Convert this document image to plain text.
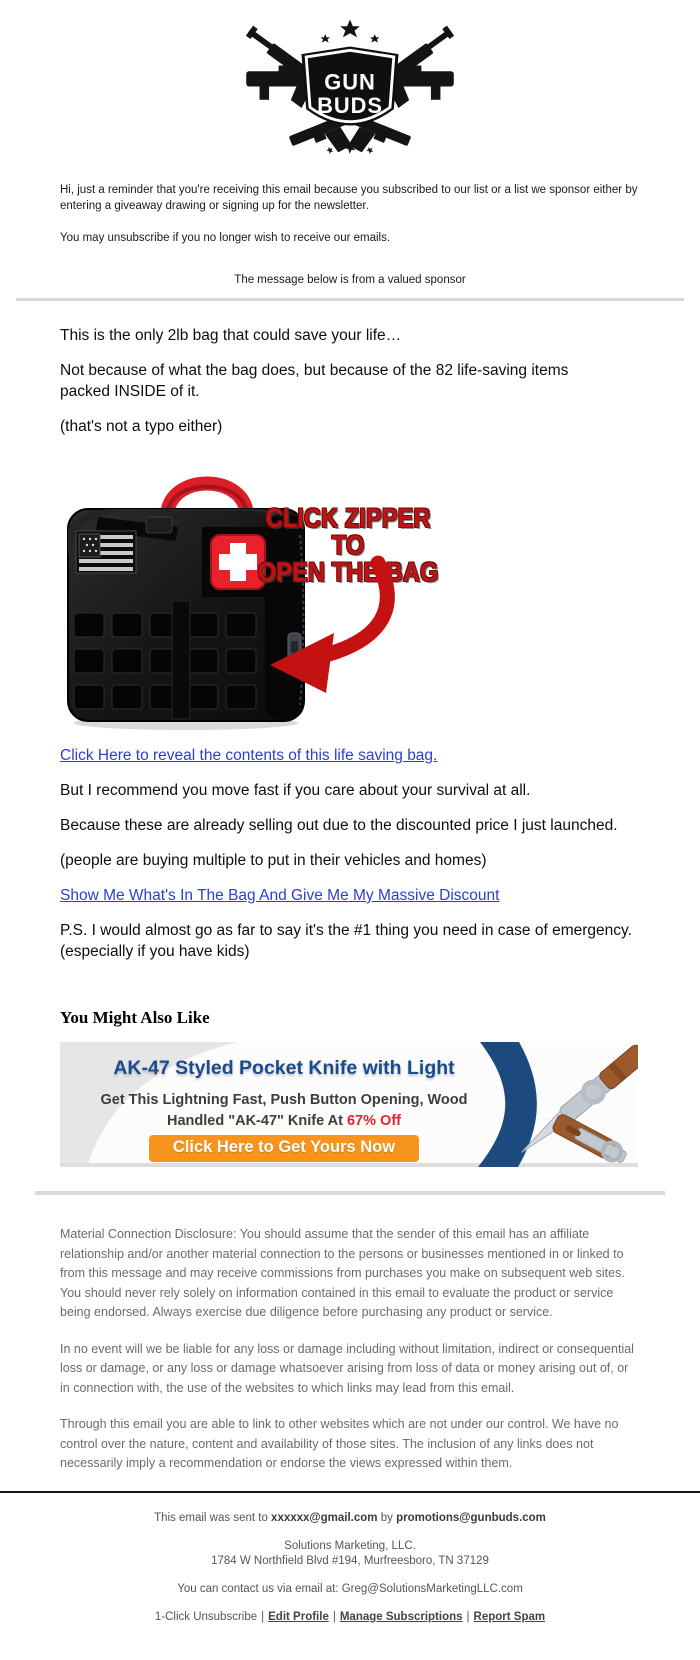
GUN
BUDS

Hi, just a reminder that you're receiving this email because you subscribed to our list or a list we sponsor either by entering a giveaway drawing or signing up for the newsletter.

You may unsubscribe if you no longer wish to receive our emails.

The message below is from a valued sponsor

This is the only 2lb bag that could save your life…

Not because of what the bag does, but because of the 82 life-saving items packed INSIDE of it.

(that's not a typo either)

CLICK ZIPPER TO
OPEN THE BAG

Click Here to reveal the contents of this life saving bag.

But I recommend you move fast if you care about your survival at all.

Because these are already selling out due to the discounted price I just launched.

(people are buying multiple to put in their vehicles and homes)

Show Me What's In The Bag And Give Me My Massive Discount

P.S. I would almost go as far to say it's the #1 thing you need in case of emergency. (especially if you have kids)

You Might Also Like
AK-47 Styled Pocket Knife with Light
Get This Lightning Fast, Push Button Opening, Wood Handled "AK-47" Knife At 67% Off
Click Here to Get Yours Now

Material Connection Disclosure: You should assume that the sender of this email has an affiliate relationship and/or another material connection to the persons or businesses mentioned in or linked to from this message and may receive commissions from purchases you make on subsequent web sites. You should never rely solely on information contained in this email to evaluate the product or service being endorsed. Always exercise due diligence before purchasing any product or service.

In no event will we be liable for any loss or damage including without limitation, indirect or consequential loss or damage, or any loss or damage whatsoever arising from loss of data or money arising out of, or in connection with, the use of the websites to which links may lead from this email.

Through this email you are able to link to other websites which are not under our control. We have no control over the nature, content and availability of those sites. The inclusion of any links does not necessarily imply a recommendation or endorse the views expressed within them.

This email was sent to xxxxxx@gmail.com by promotions@gunbuds.com

Solutions Marketing, LLC.
1784 W Northfield Blvd #194, Murfreesboro, TN 37129

You can contact us via email at: Greg@SolutionsMarketingLLC.com

1-Click Unsubscribe | Edit Profile | Manage Subscriptions | Report Spam
